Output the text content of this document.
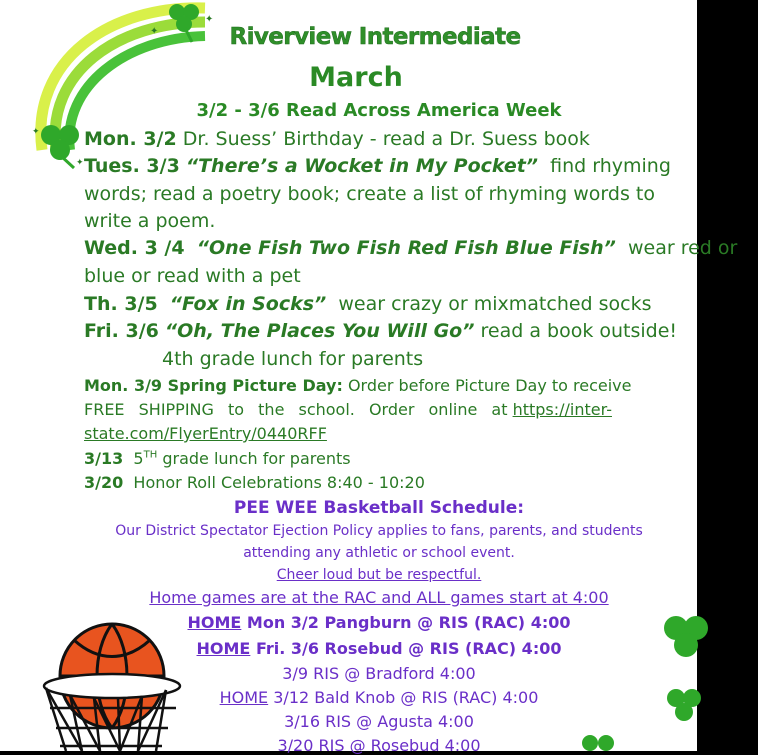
✦
✦
✦
✦
Riverview Intermediate
March
3/2 - 3/6 Read Across America Week
Mon. 3/2 Dr. Suess’ Birthday - read a Dr. Suess book
Tues. 3/3 “There’s a Wocket in My Pocket” find rhyming
words; read a poetry book; create a list of rhyming words to
write a poem.
Wed. 3 /4 “One Fish Two Fish Red Fish Blue Fish” wear red or
blue or read with a pet
Th. 3/5 “Fox in Socks” wear crazy or mixmatched socks
Fri. 3/6 “Oh, The Places You Will Go” read a book outside!
4th grade lunch for parents
Mon. 3/9 Spring Picture Day: Order before Picture Day to receive
FREE SHIPPING to the school. Order online at https://inter-
state.com/FlyerEntry/0440RFF
3/13 5TH grade lunch for parents
3/20 Honor Roll Celebrations 8:40 - 10:20
PEE WEE Basketball Schedule:
Our District Spectator Ejection Policy applies to fans, parents, and students
attending any athletic or school event.
Cheer loud but be respectful.
Home games are at the RAC and ALL games start at 4:00
HOME Mon 3/2 Pangburn @ RIS (RAC) 4:00
HOME Fri. 3/6 Rosebud @ RIS (RAC) 4:00
3/9 RIS @ Bradford 4:00
HOME 3/12 Bald Knob @ RIS (RAC) 4:00
3/16 RIS @ Agusta 4:00
3/20 RIS @ Rosebud 4:00
